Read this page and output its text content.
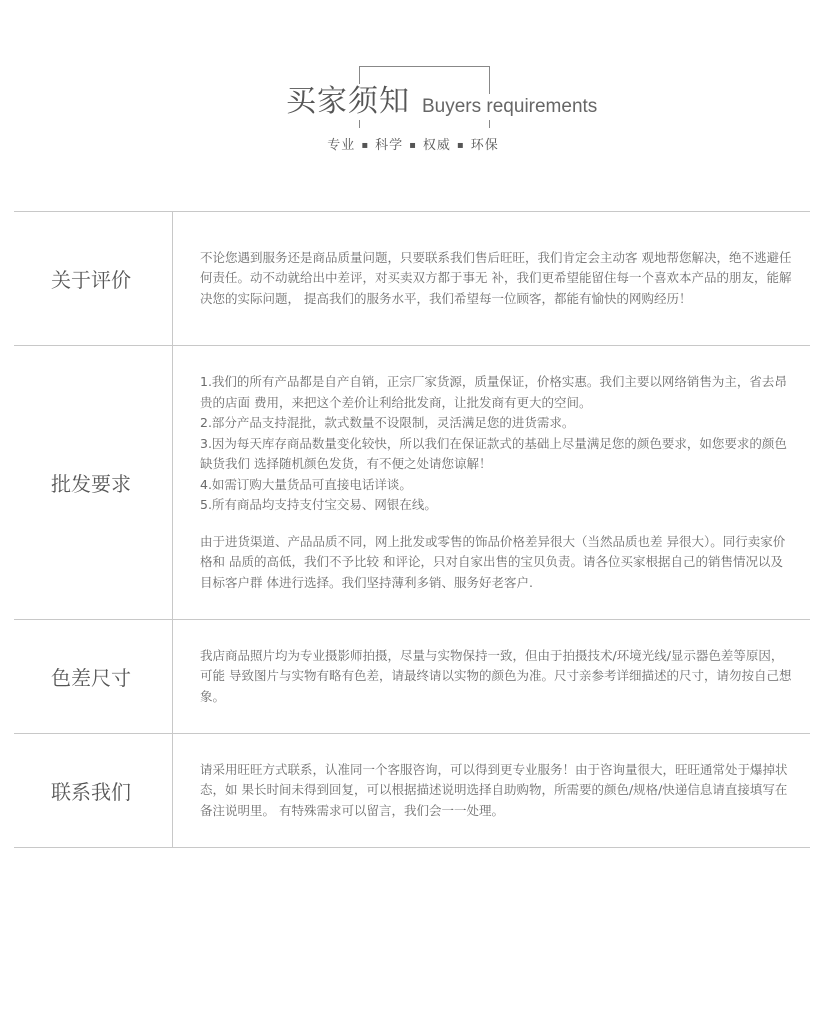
买家须知 Buyers requirements
专业 ▪ 科学 ▪ 权威 ▪ 环保
关于评价

不论您遇到服务还是商品质量问题，只要联系我们售后旺旺，我们肯定会主动客 观地帮您解决，绝不逃避任何责任。动不动就给出中差评，对买卖双方都于事无 补，我们更希望能留住每一个喜欢本产品的朋友，能解决您的实际问题， 提高我们的服务水平，我们希望每一位顾客，都能有愉快的网购经历！

批发要求

1.我们的所有产品都是自产自销，正宗厂家货源，质量保证，价格实惠。我们主要以网络销售为主，省去昂贵的店面 费用，来把这个差价让利给批发商，让批发商有更大的空间。

2.部分产品支持混批，款式数量不设限制，灵活满足您的进货需求。

3.因为每天库存商品数量变化较快，所以我们在保证款式的基础上尽量满足您的颜色要求，如您要求的颜色缺货我们 选择随机颜色发货，有不便之处请您谅解！

4.如需订购大量货品可直接电话详谈。

5.所有商品均支持支付宝交易、网银在线。

由于进货渠道、产品品质不同，网上批发或零售的饰品价格差异很大（当然品质也差 异很大）。同行卖家价格和 品质的高低，我们不予比较 和评论，只对自家出售的宝贝负责。请各位买家根据自己的销售情况以及目标客户群 体进行选择。我们坚持薄利多销、服务好老客户.

色差尺寸

我店商品照片均为专业摄影师拍摄，尽量与实物保持一致，但由于拍摄技术/环境光线/显示器色差等原因，可能 导致图片与实物有略有色差，请最终请以实物的颜色为准。尺寸亲参考详细描述的尺寸，请勿按自己想象。

联系我们

请采用旺旺方式联系，认准同一个客服咨询，可以得到更专业服务！由于咨询量很大，旺旺通常处于爆掉状态，如 果长时间未得到回复，可以根据描述说明选择自助购物，所需要的颜色/规格/快递信息请直接填写在备注说明里。 有特殊需求可以留言，我们会一一处理。
